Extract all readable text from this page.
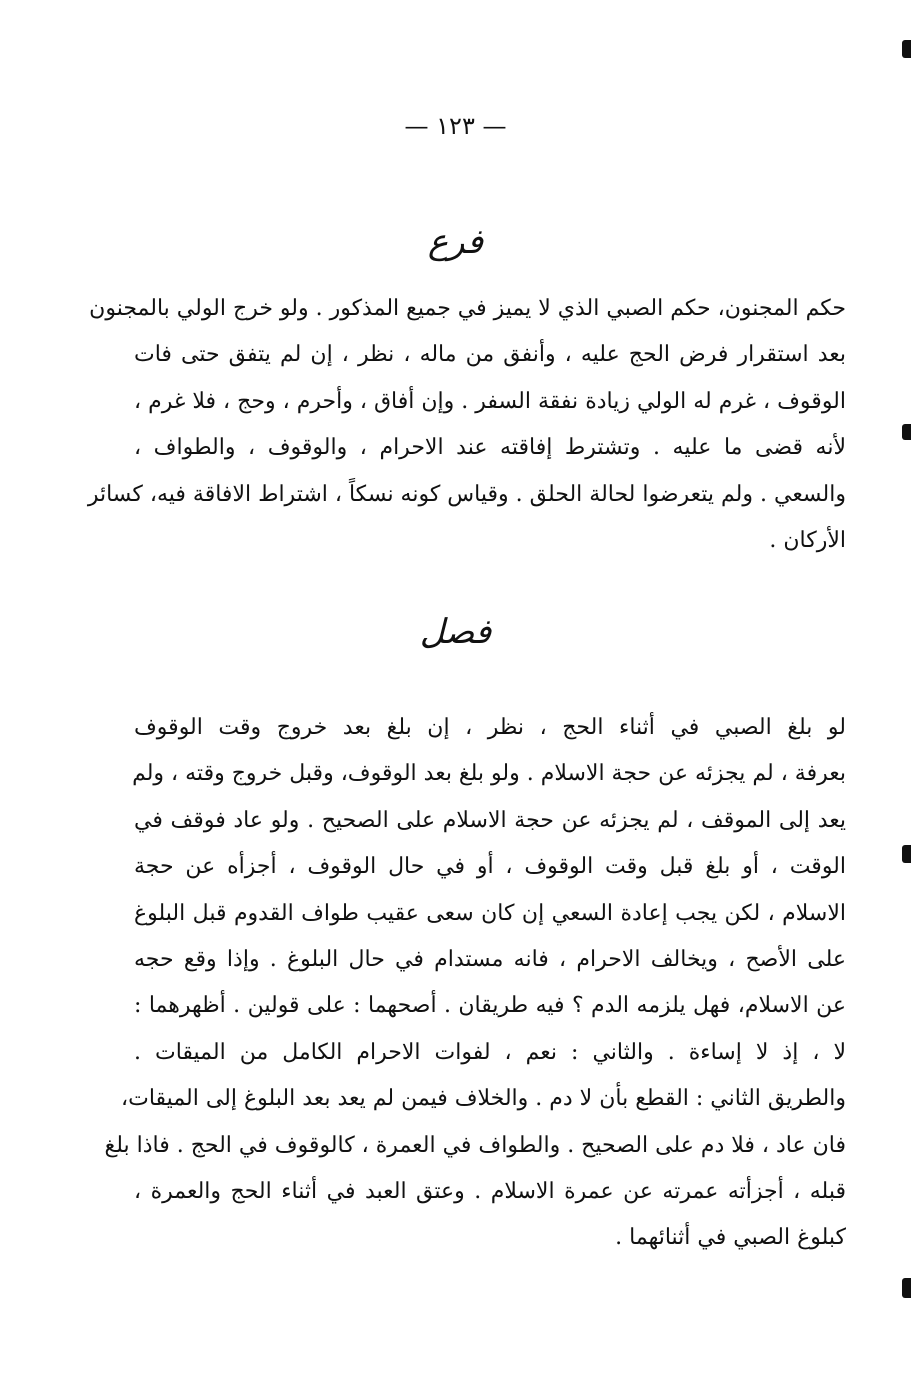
— ١٢٣ —
فرع
حكم المجنون، حكم الصبي الذي لا يميز في جميع المذكور . ولو خرج الولي بالمجنون
بعد استقرار فرض الحج عليه ، وأنفق من ماله ، نظر ، إن لم يتفق حتى فات
الوقوف ، غرم له الولي زيادة نفقة السفر . وإن أفاق ، وأحرم ، وحج ، فلا غرم ،
لأنه قضى ما عليه . وتشترط إفاقته عند الاحرام ، والوقوف ، والطواف ،
والسعي . ولم يتعرضوا لحالة الحلق . وقياس كونه نسكاً ، اشتراط الافاقة فيه، كسائر
الأركان .
فصل
لو بلغ الصبي في أثناء الحج ، نظر ، إن بلغ بعد خروج وقت الوقوف
بعرفة ، لم يجزئه عن حجة الاسلام . ولو بلغ بعد الوقوف، وقبل خروج وقته ، ولم
يعد إلى الموقف ، لم يجزئه عن حجة الاسلام على الصحيح . ولو عاد فوقف في
الوقت ، أو بلغ قبل وقت الوقوف ، أو في حال الوقوف ، أجزأه عن حجة
الاسلام ، لكن يجب إعادة السعي إن كان سعى عقيب طواف القدوم قبل البلوغ
على الأصح ، ويخالف الاحرام ، فانه مستدام في حال البلوغ . وإذا وقع حجه
عن الاسلام، فهل يلزمه الدم ؟ فيه طريقان . أصحهما : على قولين . أظهرهما :
لا ، إذ لا إساءة . والثاني : نعم ، لفوات الاحرام الكامل من الميقات .
والطريق الثاني : القطع بأن لا دم . والخلاف فيمن لم يعد بعد البلوغ إلى الميقات،
فان عاد ، فلا دم على الصحيح . والطواف في العمرة ، كالوقوف في الحج . فاذا بلغ
قبله ، أجزأته عمرته عن عمرة الاسلام . وعتق العبد في أثناء الحج والعمرة ،
كبلوغ الصبي في أثنائهما .
